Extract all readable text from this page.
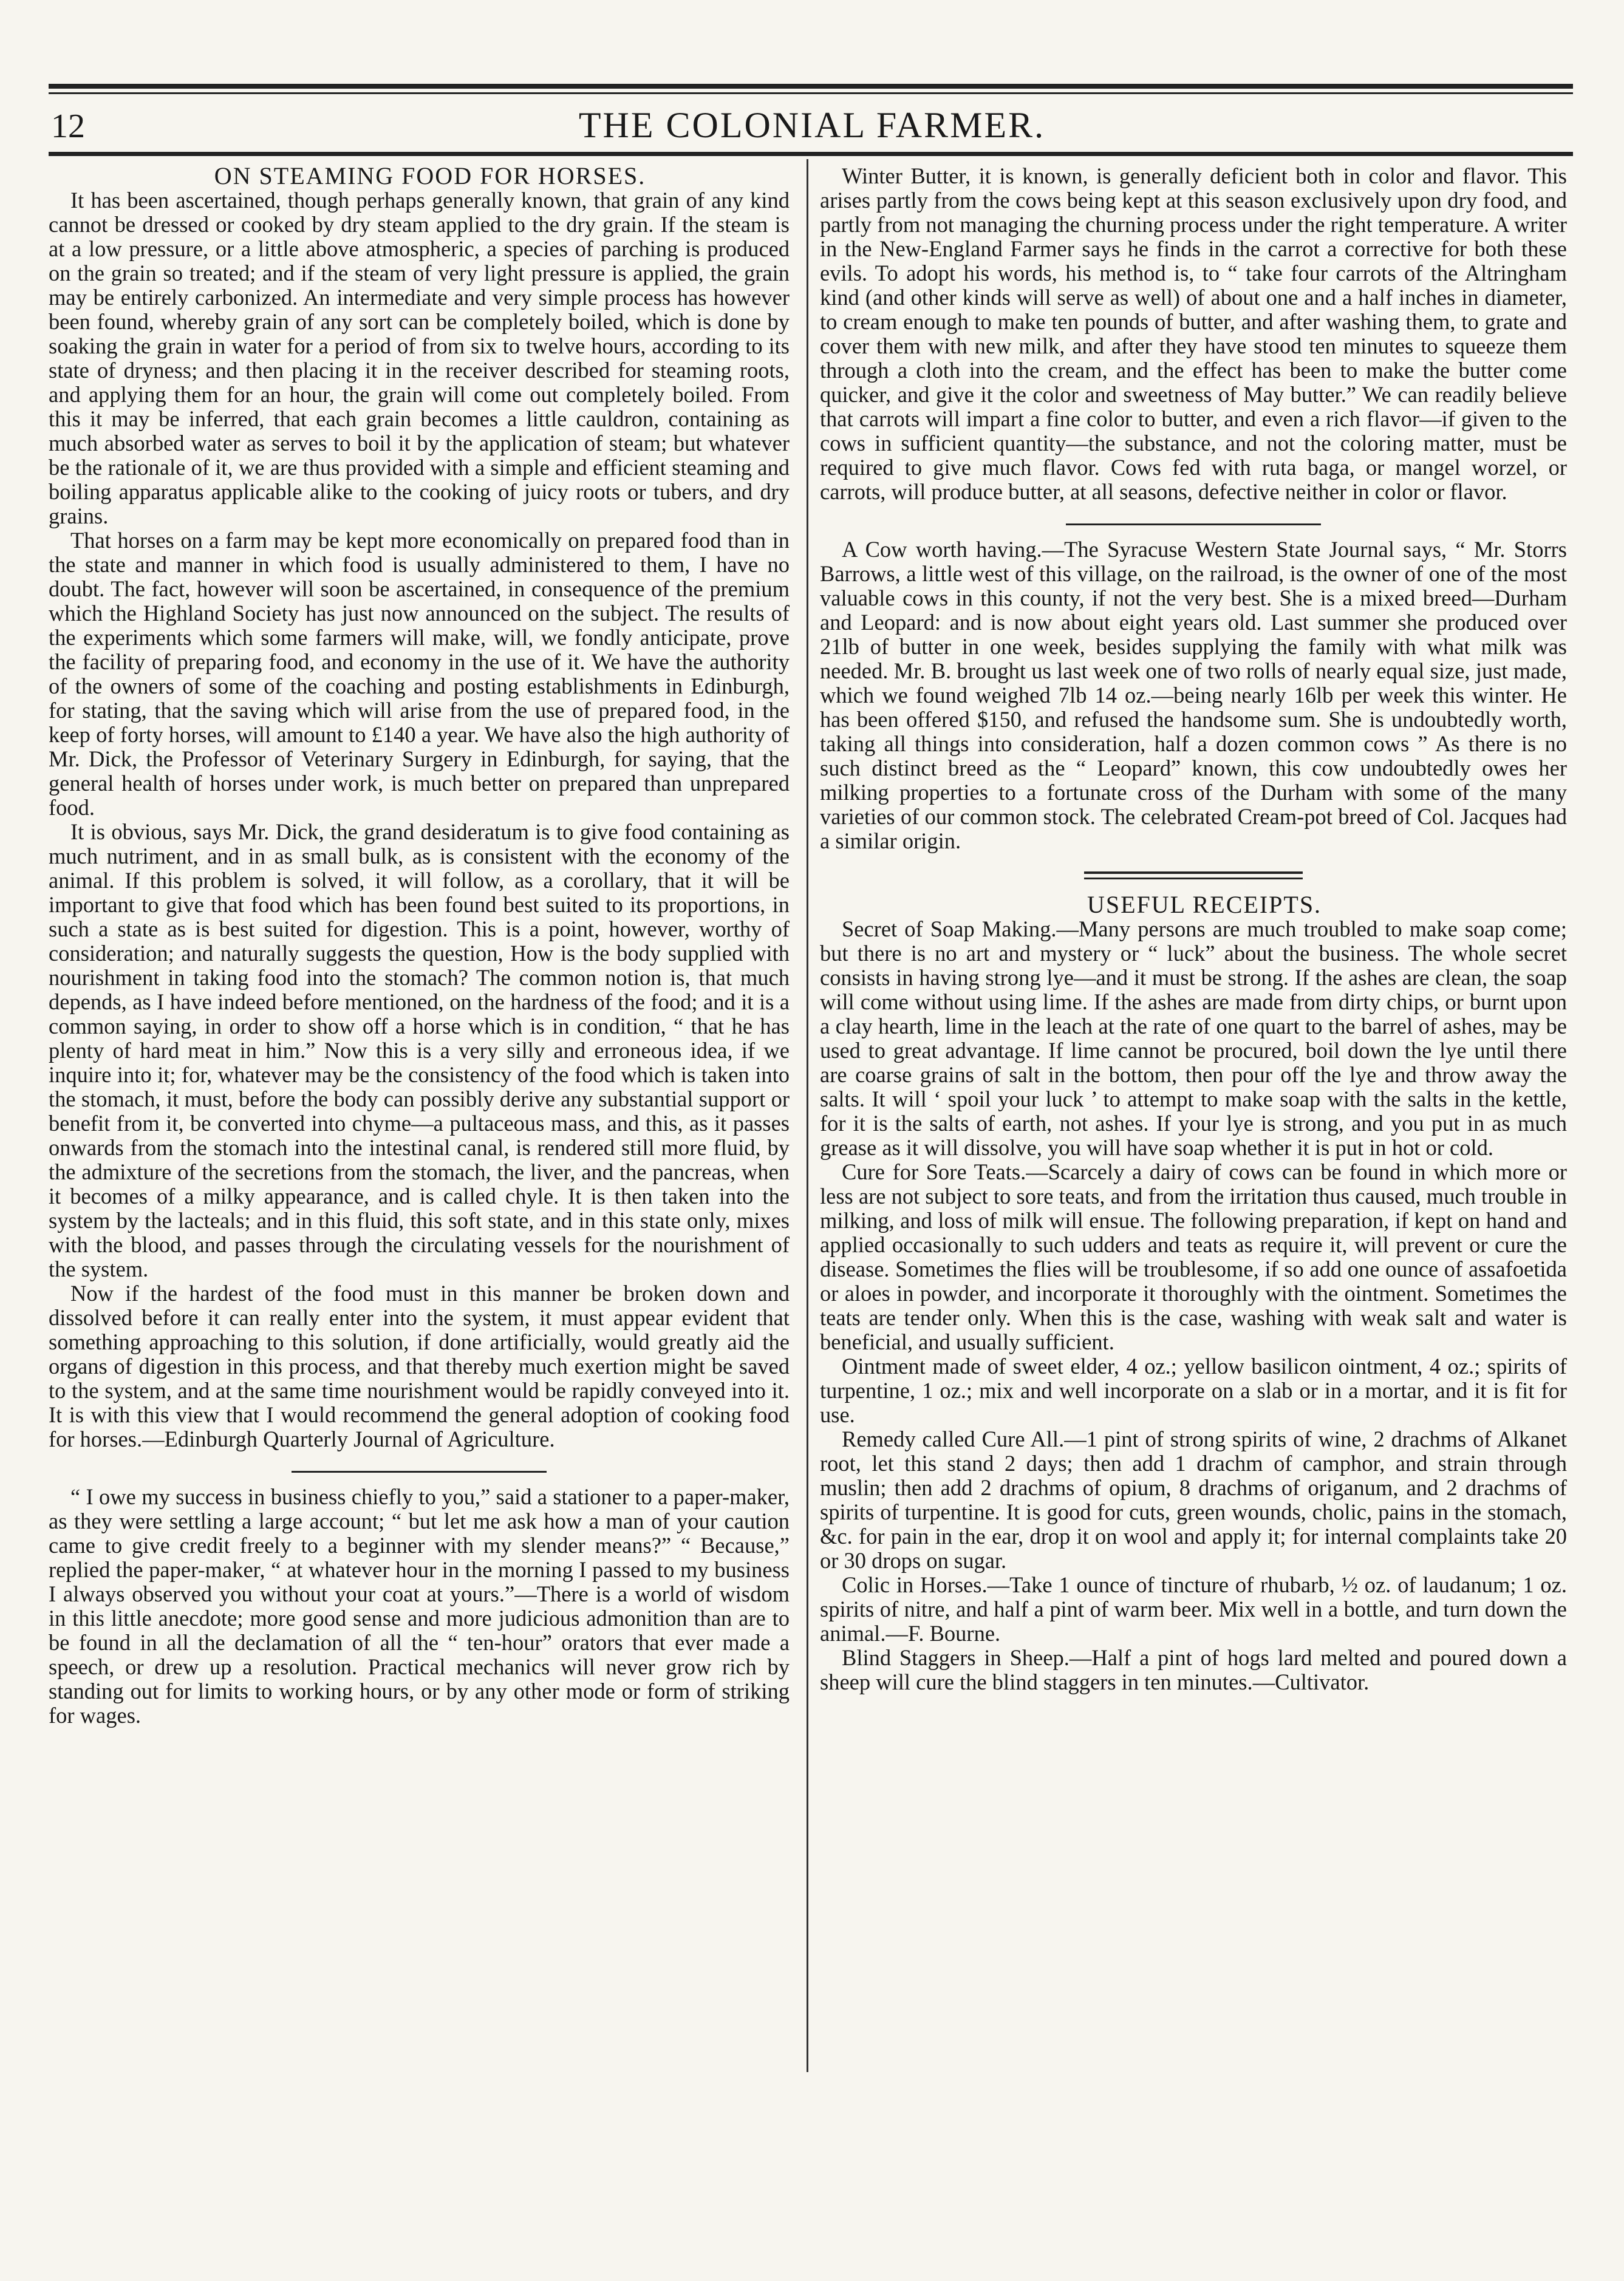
12	THE COLONIAL FARMER.

ON STEAMING FOOD FOR HORSES.

It has been ascertained, though perhaps generally known, that grain of any kind cannot be dressed or cooked by dry steam applied to the dry grain. If the steam is at a low pressure, or a little above atmospheric, a species of parching is produced on the grain so treated; and if the steam of very light pressure is applied, the grain may be entirely carbonized. An intermediate and very simple process has however been found, whereby grain of any sort can be completely boiled, which is done by soaking the grain in water for a period of from six to twelve hours, according to its state of dryness; and then placing it in the receiver described for steaming roots, and applying them for an hour, the grain will come out completely boiled. From this it may be inferred, that each grain becomes a little cauldron, containing as much absorbed water as serves to boil it by the application of steam; but whatever be the rationale of it, we are thus provided with a simple and efficient steaming and boiling apparatus applicable alike to the cooking of juicy roots or tubers, and dry grains.

That horses on a farm may be kept more economically on prepared food than in the state and manner in which food is usually administered to them, I have no doubt. The fact, however will soon be ascertained, in consequence of the premium which the Highland Society has just now announced on the subject. The results of the experiments which some farmers will make, will, we fondly anticipate, prove the facility of preparing food, and economy in the use of it. We have the authority of the owners of some of the coaching and posting establishments in Edinburgh, for stating, that the saving which will arise from the use of prepared food, in the keep of forty horses, will amount to £140 a year. We have also the high authority of Mr. Dick, the Professor of Veterinary Surgery in Edinburgh, for saying, that the general health of horses under work, is much better on prepared than unprepared food.

It is obvious, says Mr. Dick, the grand desideratum is to give food containing as much nutriment, and in as small bulk, as is consistent with the economy of the animal. If this problem is solved, it will follow, as a corollary, that it will be important to give that food which has been found best suited to its proportions, in such a state as is best suited for digestion. This is a point, however, worthy of consideration; and naturally suggests the question, How is the body supplied with nourishment in taking food into the stomach? The common notion is, that much depends, as I have indeed before mentioned, on the hardness of the food; and it is a common saying, in order to show off a horse which is in condition, “ that he has plenty of hard meat in him.” Now this is a very silly and erroneous idea, if we inquire into it; for, whatever may be the consistency of the food which is taken into the stomach, it must, before the body can possibly derive any substantial support or benefit from it, be converted into chyme—a pultaceous mass, and this, as it passes onwards from the stomach into the intestinal canal, is rendered still more fluid, by the admixture of the secretions from the stomach, the liver, and the pancreas, when it becomes of a milky appearance, and is called chyle. It is then taken into the system by the lacteals; and in this fluid, this soft state, and in this state only, mixes with the blood, and passes through the circulating vessels for the nourishment of the system.

Now if the hardest of the food must in this manner be broken down and dissolved before it can really enter into the system, it must appear evident that something approaching to this solution, if done artificially, would greatly aid the organs of digestion in this process, and that thereby much exertion might be saved to the system, and at the same time nourishment would be rapidly conveyed into it. It is with this view that I would recommend the general adoption of cooking food for horses.—Edinburgh Quarterly Journal of Agriculture.

“ I owe my success in business chiefly to you,” said a stationer to a paper-maker, as they were settling a large account; “ but let me ask how a man of your caution came to give credit freely to a beginner with my slender means?” “ Because,” replied the paper-maker, “ at whatever hour in the morning I passed to my business I always observed you without your coat at yours.”—There is a world of wisdom in this little anecdote; more good sense and more judicious admonition than are to be found in all the declamation of all the “ ten-hour” orators that ever made a speech, or drew up a resolution. Practical mechanics will never grow rich by standing out for limits to working hours, or by any other mode or form of striking for wages.

Winter Butter, it is known, is generally deficient both in color and flavor. This arises partly from the cows being kept at this season exclusively upon dry food, and partly from not managing the churning process under the right temperature. A writer in the New-England Farmer says he finds in the carrot a corrective for both these evils. To adopt his words, his method is, to “ take four carrots of the Altringham kind (and other kinds will serve as well) of about one and a half inches in diameter, to cream enough to make ten pounds of butter, and after washing them, to grate and cover them with new milk, and after they have stood ten minutes to squeeze them through a cloth into the cream, and the effect has been to make the butter come quicker, and give it the color and sweetness of May butter.” We can readily believe that carrots will impart a fine color to butter, and even a rich flavor—if given to the cows in sufficient quantity—the substance, and not the coloring matter, must be required to give much flavor. Cows fed with ruta baga, or mangel worzel, or carrots, will produce butter, at all seasons, defective neither in color or flavor.

A Cow worth having.—The Syracuse Western State Journal says, “ Mr. Storrs Barrows, a little west of this village, on the railroad, is the owner of one of the most valuable cows in this county, if not the very best. She is a mixed breed—Durham and Leopard: and is now about eight years old. Last summer she produced over 21lb of butter in one week, besides supplying the family with what milk was needed. Mr. B. brought us last week one of two rolls of nearly equal size, just made, which we found weighed 7lb 14 oz.—being nearly 16lb per week this winter. He has been offered $150, and refused the handsome sum. She is undoubtedly worth, taking all things into consideration, half a dozen common cows ” As there is no such distinct breed as the “ Leopard” known, this cow undoubtedly owes her milking properties to a fortunate cross of the Durham with some of the many varieties of our common stock. The celebrated Cream-pot breed of Col. Jacques had a similar origin.

USEFUL RECEIPTS.

Secret of Soap Making.—Many persons are much troubled to make soap come; but there is no art and mystery or “ luck” about the business. The whole secret consists in having strong lye—and it must be strong. If the ashes are clean, the soap will come without using lime. If the ashes are made from dirty chips, or burnt upon a clay hearth, lime in the leach at the rate of one quart to the barrel of ashes, may be used to great advantage. If lime cannot be procured, boil down the lye until there are coarse grains of salt in the bottom, then pour off the lye and throw away the salts. It will ‘ spoil your luck ’ to attempt to make soap with the salts in the kettle, for it is the salts of earth, not ashes. If your lye is strong, and you put in as much grease as it will dissolve, you will have soap whether it is put in hot or cold.

Cure for Sore Teats.—Scarcely a dairy of cows can be found in which more or less are not subject to sore teats, and from the irritation thus caused, much trouble in milking, and loss of milk will ensue. The following preparation, if kept on hand and applied occasionally to such udders and teats as require it, will prevent or cure the disease. Sometimes the flies will be troublesome, if so add one ounce of assafoetida or aloes in powder, and incorporate it thoroughly with the ointment. Sometimes the teats are tender only. When this is the case, washing with weak salt and water is beneficial, and usually sufficient.

Ointment made of sweet elder, 4 oz.; yellow basilicon ointment, 4 oz.; spirits of turpentine, 1 oz.; mix and well incorporate on a slab or in a mortar, and it is fit for use.

Remedy called Cure All.—1 pint of strong spirits of wine, 2 drachms of Alkanet root, let this stand 2 days; then add 1 drachm of camphor, and strain through muslin; then add 2 drachms of opium, 8 drachms of origanum, and 2 drachms of spirits of turpentine. It is good for cuts, green wounds, cholic, pains in the stomach, &c. for pain in the ear, drop it on wool and apply it; for internal complaints take 20 or 30 drops on sugar.

Colic in Horses.—Take 1 ounce of tincture of rhubarb, ½ oz. of laudanum; 1 oz. spirits of nitre, and half a pint of warm beer. Mix well in a bottle, and turn down the animal.—F. Bourne.

Blind Staggers in Sheep.—Half a pint of hogs lard melted and poured down a sheep will cure the blind staggers in ten minutes.—Cultivator.
